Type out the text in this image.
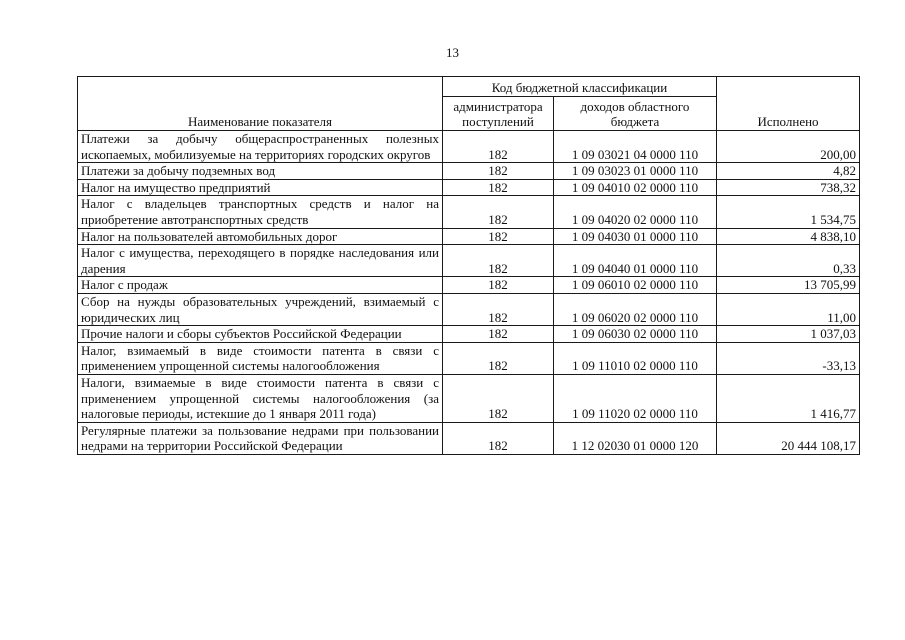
13
Наименование показателя	Код бюджетной классификации		Исполнено
	администратора поступлений	доходов областного бюджета	
Платежи за добычу общераспространенных полезных ископаемых, мобилизуемые на территориях городских округов	182	1 09 03021 04 0000 110	200,00
Платежи за добычу подземных вод	182	1 09 03023 01 0000 110	4,82
Налог на имущество предприятий	182	1 09 04010 02 0000 110	738,32
Налог с владельцев транспортных средств и налог на приобретение автотранспортных средств	182	1 09 04020 02 0000 110	1 534,75
Налог на пользователей автомобильных дорог	182	1 09 04030 01 0000 110	4 838,10
Налог с имущества, переходящего в порядке наследования или дарения	182	1 09 04040 01 0000 110	0,33
Налог с продаж	182	1 09 06010 02 0000 110	13 705,99
Сбор на нужды образовательных учреждений, взимаемый с юридических лиц	182	1 09 06020 02 0000 110	11,00
Прочие налоги и сборы субъектов Российской Федерации	182	1 09 06030 02 0000 110	1 037,03
Налог, взимаемый в виде стоимости патента в связи с применением упрощенной системы налогообложения	182	1 09 11010 02 0000 110	-33,13
Налоги, взимаемые в виде стоимости патента в связи с применением упрощенной системы налогообложения (за налоговые периоды, истекшие до 1 января 2011 года)	182	1 09 11020 02 0000 110	1 416,77
Регулярные платежи за пользование недрами при пользовании недрами на территории Российской Федерации	182	1 12 02030 01 0000 120	20 444 108,17
